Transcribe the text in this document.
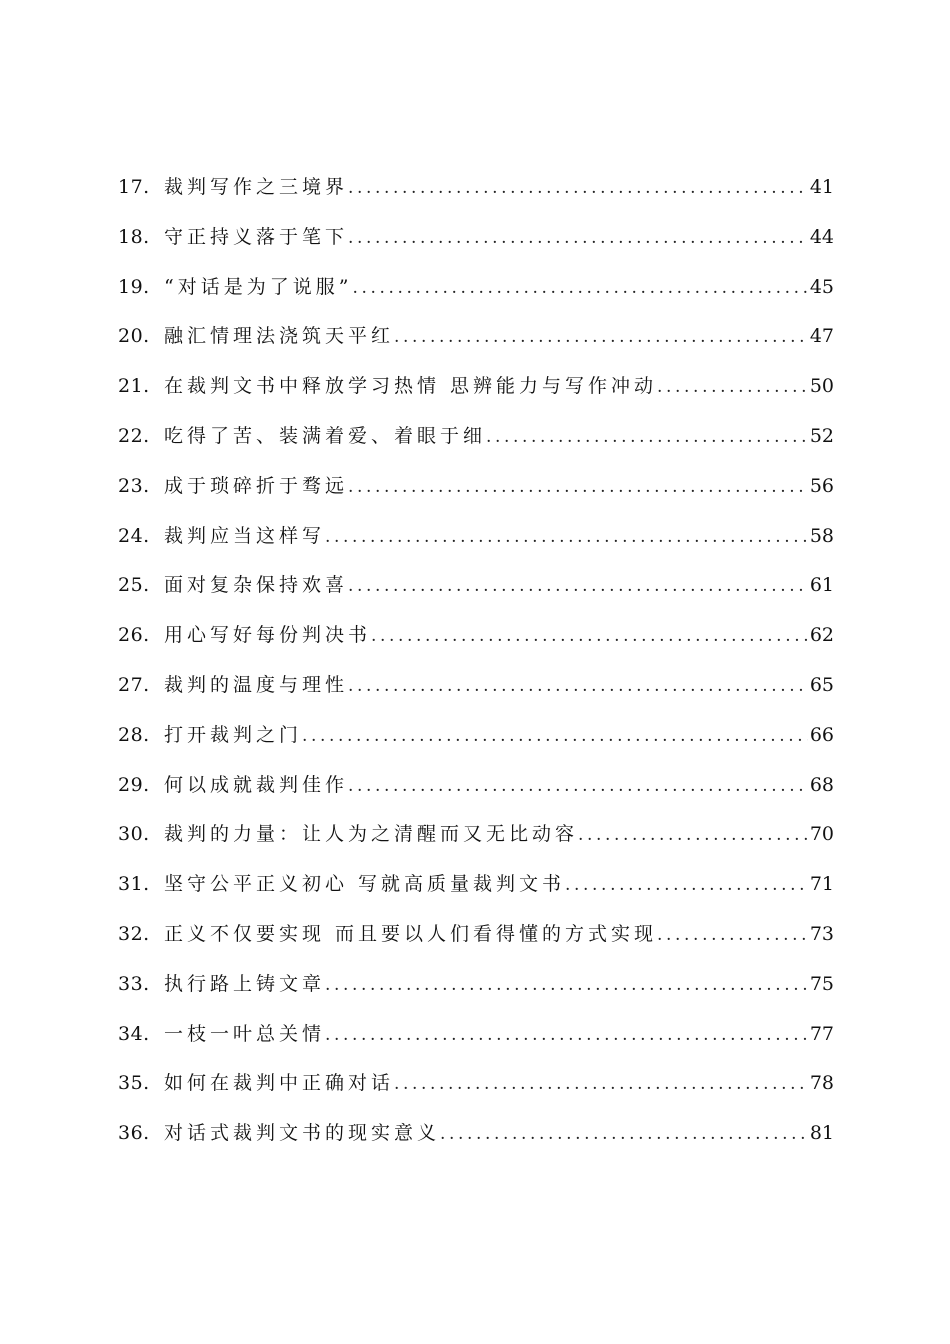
17. 裁判写作之三境界 .....	41
18. 守正持义落于笔下 .....	44
19. “对话是为了说服” .....	45
20. 融汇情理法浇筑天平红 .....	47
21. 在裁判文书中释放学习热情 思辨能力与写作冲动 .....	50
22. 吃得了苦、装满着爱、着眼于细 .....	52
23. 成于琐碎折于骛远 .....	56
24. 裁判应当这样写 .....	58
25. 面对复杂保持欢喜 .....	61
26. 用心写好每份判决书 .....	62
27. 裁判的温度与理性 .....	65
28. 打开裁判之门 .....	66
29. 何以成就裁判佳作 .....	68
30. 裁判的力量：让人为之清醒而又无比动容 .....	70
31. 坚守公平正义初心 写就高质量裁判文书 .....	71
32. 正义不仅要实现 而且要以人们看得懂的方式实现 .....	73
33. 执行路上铸文章 .....	75
34. 一枝一叶总关情 .....	77
35. 如何在裁判中正确对话 .....	78
36. 对话式裁判文书的现实意义 .....	81
